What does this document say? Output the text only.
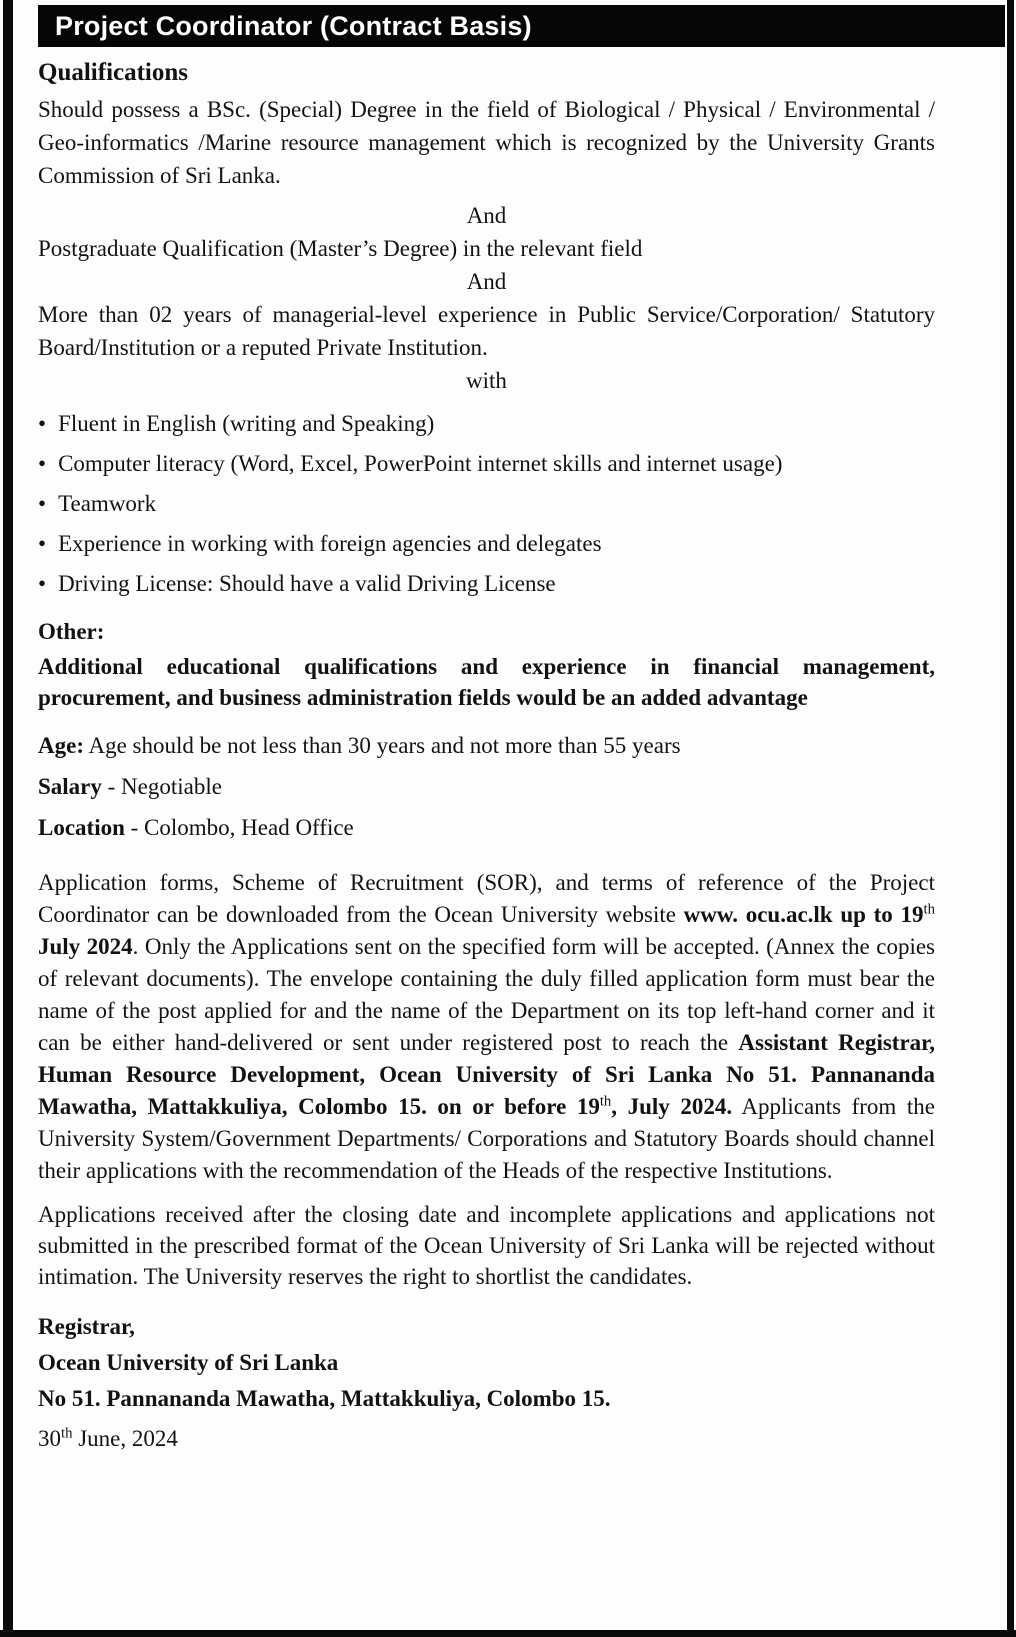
Project Coordinator (Contract Basis)
Qualifications

Should possess a BSc. (Special) Degree in the field of Biological / Physical / Environmental / Geo-informatics /Marine resource management which is recognized by the University Grants Commission of Sri Lanka.

And

Postgraduate Qualification (Master’s Degree) in the relevant field

And

More than 02 years of managerial-level experience in Public Service/Corporation/ Statutory Board/Institution or a reputed Private Institution.

with

• Fluent in English (writing and Speaking)

• Computer literacy (Word, Excel, PowerPoint internet skills and internet usage)

• Teamwork

• Experience in working with foreign agencies and delegates

• Driving License: Should have a valid Driving License

Other:

Additional educational qualifications and experience in financial management, procurement, and business administration fields would be an added advantage

Age: Age should be not less than 30 years and not more than 55 years

Salary - Negotiable

Location - Colombo, Head Office

Application forms, Scheme of Recruitment (SOR), and terms of reference of the Project Coordinator can be downloaded from the Ocean University website www. ocu.ac.lk up to 19th July 2024. Only the Applications sent on the specified form will be accepted. (Annex the copies of relevant documents). The envelope containing the duly filled application form must bear the name of the post applied for and the name of the Department on its top left-hand corner and it can be either hand-delivered or sent under registered post to reach the Assistant Registrar, Human Resource Development, Ocean University of Sri Lanka No 51. Pannananda Mawatha, Mattakkuliya, Colombo 15. on or before 19th, July 2024. Applicants from the University System/Government Departments/ Corporations and Statutory Boards should channel their applications with the recommendation of the Heads of the respective Institutions.

Applications received after the closing date and incomplete applications and applications not submitted in the prescribed format of the Ocean University of Sri Lanka will be rejected without intimation. The University reserves the right to shortlist the candidates.

Registrar,
Ocean University of Sri Lanka
No 51. Pannananda Mawatha, Mattakkuliya, Colombo 15.

30th June, 2024
